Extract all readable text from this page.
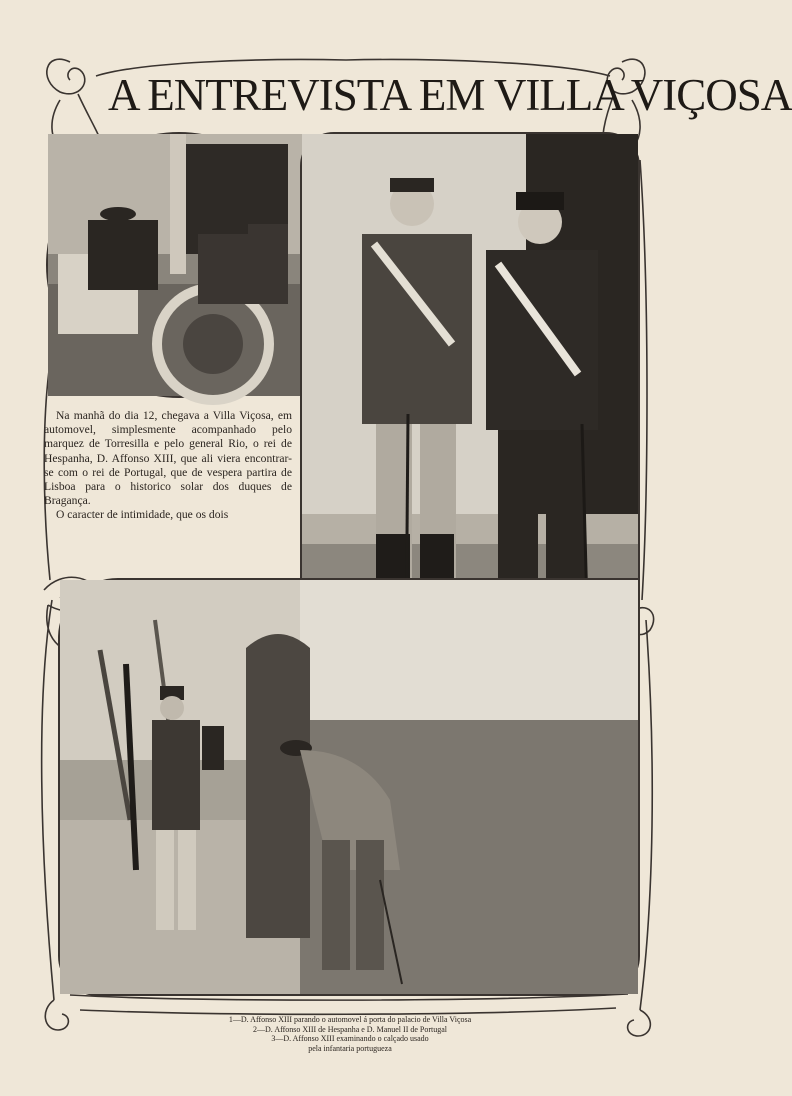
A ENTREVISTA EM VILLA VIÇOSA

Na manhã do dia 12, chegava a Villa Viçosa, em automovel, simplesmente acompanhado pelo marquez de Torresilla e pelo general Rio, o rei de Hespanha, D. Affonso XIII, que ali viera encontrar-se com o rei de Portugal, que de vespera partira de Lisboa para o historico solar dos duques de Bragança.

O caracter de intimidade, que os dois

1—D. Affonso XIII parando o automovel á porta do palacio de Villa Viçosa
2—D. Affonso XIII de Hespanha e D. Manuel II de Portugal
3—D. Affonso XIII examinando o calçado usado
pela infantaria portugueza
